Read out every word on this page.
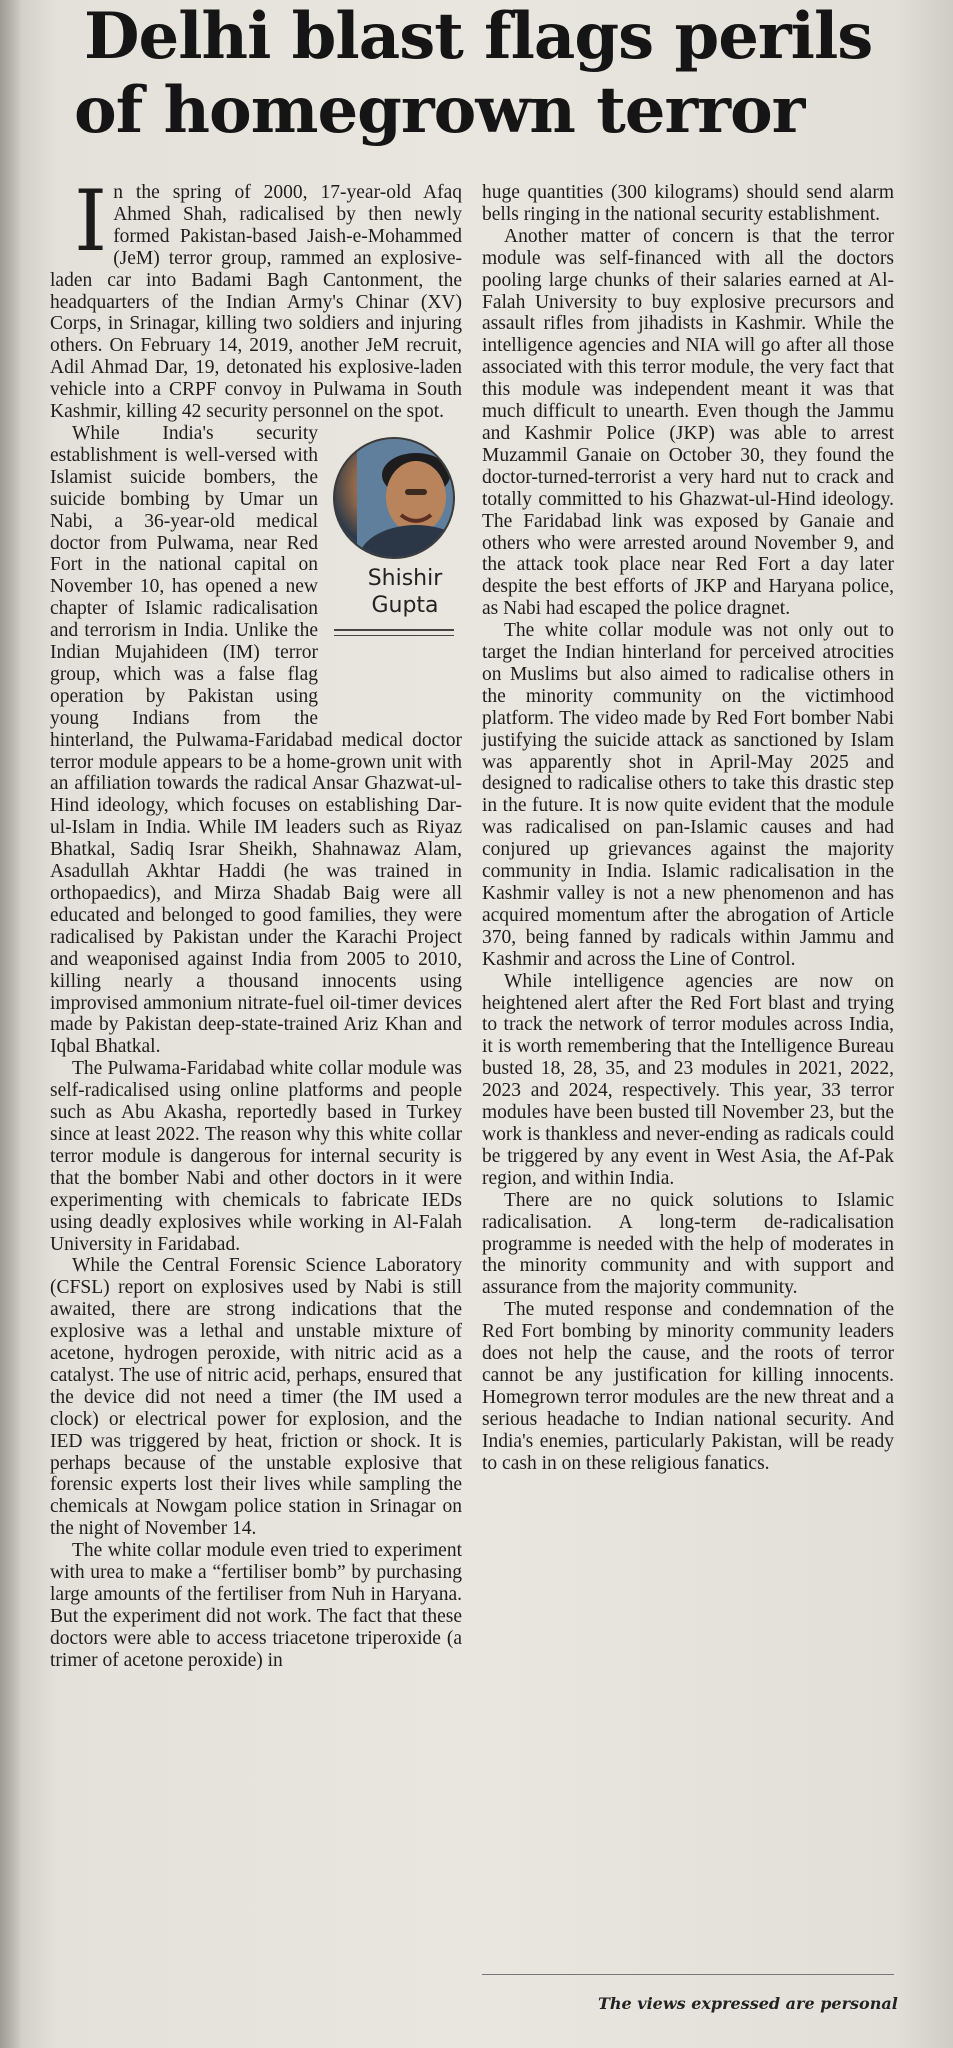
Delhi blast flags perils
of homegrown terror

In the spring of 2000, 17-year-old Afaq Ahmed Shah, radicalised by then newly formed Pakistan-based Jaish-e-Mohammed (JeM) terror group, rammed an explosive-laden car into Badami Bagh Cantonment, the headquarters of the Indian Army's Chinar (XV) Corps, in Srinagar, killing two soldiers and injuring others. On February 14, 2019, another JeM recruit, Adil Ahmad Dar, 19, detonated his explosive-laden vehicle into a CRPF convoy in Pulwama in South Kashmir, killing 42 security personnel on the spot.

Shishir
Gupta
While India's security establishment is well-versed with Islamist suicide bombers, the suicide bombing by Umar un Nabi, a 36-year-old medical doctor from Pulwama, near Red Fort in the national capital on November 10, has opened a new chapter of Islamic radicalisation and terrorism in India. Unlike the Indian Mujahideen (IM) terror group, which was a false flag operation by Pakistan using young Indians from the hinterland, the Pulwama-Faridabad medical doctor terror module appears to be a home-grown unit with an affiliation towards the radical Ansar Ghazwat-ul-Hind ideology, which focuses on establishing Dar-ul-Islam in India. While IM leaders such as Riyaz Bhatkal, Sadiq Israr Sheikh, Shahnawaz Alam, Asadullah Akhtar Haddi (he was trained in orthopaedics), and Mirza Shadab Baig were all educated and belonged to good families, they were radicalised by Pakistan under the Karachi Project and weaponised against India from 2005 to 2010, killing nearly a thousand innocents using improvised ammonium nitrate-fuel oil-timer devices made by Pakistan deep-state-trained Ariz Khan and Iqbal Bhatkal.

The Pulwama-Faridabad white collar module was self-radicalised using online platforms and people such as Abu Akasha, reportedly based in Turkey since at least 2022. The reason why this white collar terror module is dangerous for internal security is that the bomber Nabi and other doctors in it were experimenting with chemicals to fabricate IEDs using deadly explosives while working in Al-Falah University in Faridabad.

While the Central Forensic Science Laboratory (CFSL) report on explosives used by Nabi is still awaited, there are strong indications that the explosive was a lethal and unstable mixture of acetone, hydrogen peroxide, with nitric acid as a catalyst. The use of nitric acid, perhaps, ensured that the device did not need a timer (the IM used a clock) or electrical power for explosion, and the IED was triggered by heat, friction or shock. It is perhaps because of the unstable explosive that forensic experts lost their lives while sampling the chemicals at Nowgam police station in Srinagar on the night of November 14.

The white collar module even tried to experiment with urea to make a “fertiliser bomb” by purchasing large amounts of the fertiliser from Nuh in Haryana. But the experiment did not work. The fact that these doctors were able to access triacetone triperoxide (a trimer of acetone peroxide) in

huge quantities (300 kilograms) should send alarm bells ringing in the national security establishment.

Another matter of concern is that the terror module was self-financed with all the doctors pooling large chunks of their salaries earned at Al-Falah University to buy explosive precursors and assault rifles from jihadists in Kashmir. While the intelligence agencies and NIA will go after all those associated with this terror module, the very fact that this module was independent meant it was that much difficult to unearth. Even though the Jammu and Kashmir Police (JKP) was able to arrest Muzammil Ganaie on October 30, they found the doctor-turned-terrorist a very hard nut to crack and totally committed to his Ghazwat-ul-Hind ideology. The Faridabad link was exposed by Ganaie and others who were arrested around November 9, and the attack took place near Red Fort a day later despite the best efforts of JKP and Haryana police, as Nabi had escaped the police dragnet.

The white collar module was not only out to target the Indian hinterland for perceived atrocities on Muslims but also aimed to radicalise others in the minority community on the victimhood platform. The video made by Red Fort bomber Nabi justifying the suicide attack as sanctioned by Islam was apparently shot in April-May 2025 and designed to radicalise others to take this drastic step in the future. It is now quite evident that the module was radicalised on pan-Islamic causes and had conjured up grievances against the majority community in India. Islamic radicalisation in the Kashmir valley is not a new phenomenon and has acquired momentum after the abrogation of Article 370, being fanned by radicals within Jammu and Kashmir and across the Line of Control.

While intelligence agencies are now on heightened alert after the Red Fort blast and trying to track the network of terror modules across India, it is worth remembering that the Intelligence Bureau busted 18, 28, 35, and 23 modules in 2021, 2022, 2023 and 2024, respectively. This year, 33 terror modules have been busted till November 23, but the work is thankless and never-ending as radicals could be triggered by any event in West Asia, the Af-Pak region, and within India.

There are no quick solutions to Islamic radicalisation. A long-term de-radicalisation programme is needed with the help of moderates in the minority community and with support and assurance from the majority community.

The muted response and condemnation of the Red Fort bombing by minority community leaders does not help the cause, and the roots of terror cannot be any justification for killing innocents. Homegrown terror modules are the new threat and a serious headache to Indian national security. And India's enemies, particularly Pakistan, will be ready to cash in on these religious fanatics.

The views expressed are personal
